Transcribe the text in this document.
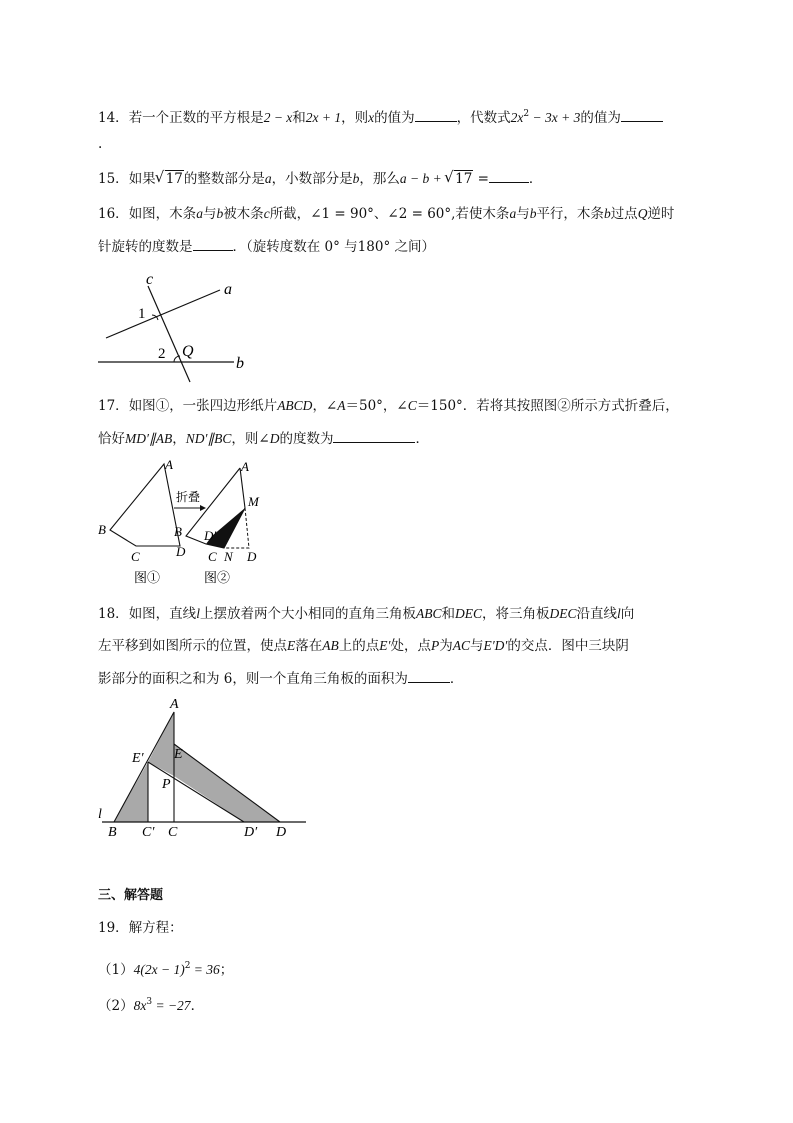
14．若一个正数的平方根是2 − x和2x + 1，则x的值为	，代数式$2x^2 - 3x + 3$的值为
.
15．如果√ 17的整数部分是a，小数部分是b，那么a − b + √ 17 =	．
16．如图，木条a与b被木条c所截，∠1 = 90°、∠2 = 60°,若使木条a与b平行，木条b过点Q逆时
针旋转的度数是	．（旋转度数在 0° 与180° 之间）
c
a
1
2 Q
b
17．如图①，一张四边形纸片ABCD，∠A＝50°，∠C＝150°．若将其按照图②所示方式折叠后，
恰好MD′∥AB，ND′∥BC，则∠D的度数为	．
A
B
C	D
图①
折叠
A
M
B D′
C N D
图②
18．如图，直线l上摆放着两个大小相同的直角三角板ABC和DEC，将三角板DEC沿直线l向
左平移到如图所示的位置，使点E落在AB上的点E′处，点P为AC与E′D′的交点．图中三块阴
影部分的面积之和为 6，则一个直角三角板的面积为	．
A
E′ E
P
l
B C′ C	D′ D
三、解答题
19．解方程：
$(1)4(2x - 1)^2 = 36$；
$(2)8x^3 = -27$．
